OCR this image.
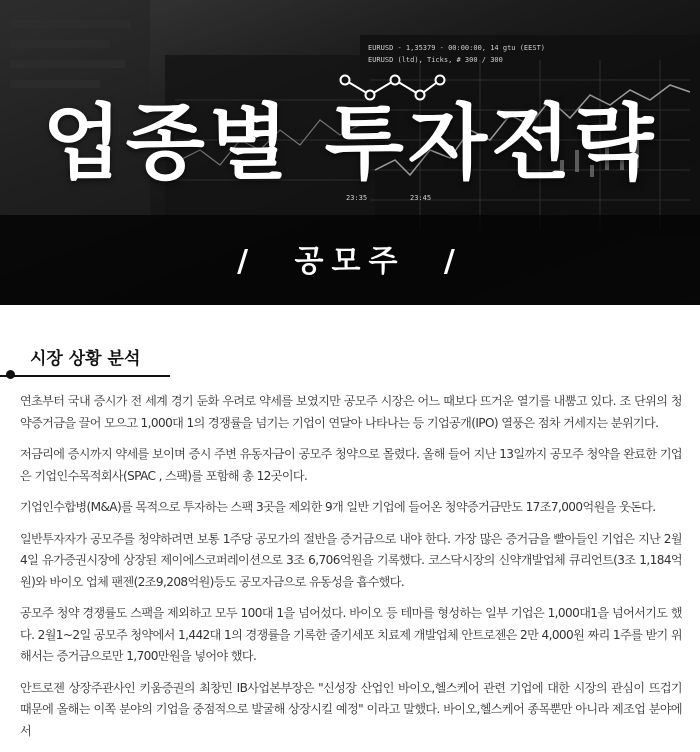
EURUSD - 1,35379 - 00:00:00, 14 gtu (EEST)
EURUSD (ltd), Ticks, # 300 / 300
23:35	23:45
업종별 투자전략
/ 공모주 /
시장 상황 분석

연초부터 국내 증시가 전 세계 경기 둔화 우려로 약세를 보였지만 공모주 시장은 어느 때보다 뜨거운 열기를 내뿜고 있다. 조 단위의 청약증거금을 끌어 모으고 1,000대 1의 경쟁률을 넘기는 기업이 연달아 나타나는 등 기업공개(IPO) 열풍은 점차 거세지는 분위기다.

저금리에 증시까지 약세를 보이며 증시 주변 유동자금이 공모주 청약으로 몰렸다. 올해 들어 지난 13일까지 공모주 청약을 완료한 기업은 기업인수목적회사(SPAC , 스팩)를 포함해 총 12곳이다.

기업인수합병(M&A)를 목적으로 투자하는 스팩 3곳을 제외한 9개 일반 기업에 들어온 청약증거금만도 17조7,000억원을 웃돈다.

일반투자자가 공모주를 청약하려면 보통 1주당 공모가의 절반을 증거금으로 내야 한다. 가장 많은 증거금을 빨아들인 기업은 지난 2월 4일 유가증권시장에 상장된 제이에스코퍼레이션으로 3조 6,706억원을 기록했다. 코스닥시장의 신약개발업체 큐리언트(3조 1,184억원)와 바이오 업체 팬젠(2조9,208억원)등도 공모자금으로 유동성을 흡수했다.

공모주 청약 경쟁률도 스팩을 제외하고 모두 100대 1을 넘어섰다. 바이오 등 테마를 형성하는 일부 기업은 1,000대1을 넘어서기도 했다. 2월1~2일 공모주 청약에서 1,442대 1의 경쟁률을 기록한 줄기세포 치료제 개발업체 안트로젠은 2만 4,000원 짜리 1주를 받기 위해서는 증거금으로만 1,700만원을 넣어야 했다.

안트로젠 상장주관사인 키움증권의 최창민 IB사업본부장은 "신성장 산업인 바이오,헬스케어 관련 기업에 대한 시장의 관심이 뜨겁기 때문에 올해는 이쪽 분야의 기업을 중점적으로 발굴해 상장시킬 예정" 이라고 말했다. 바이오,헬스케어 종목뿐만 아니라 제조업 분야에서
